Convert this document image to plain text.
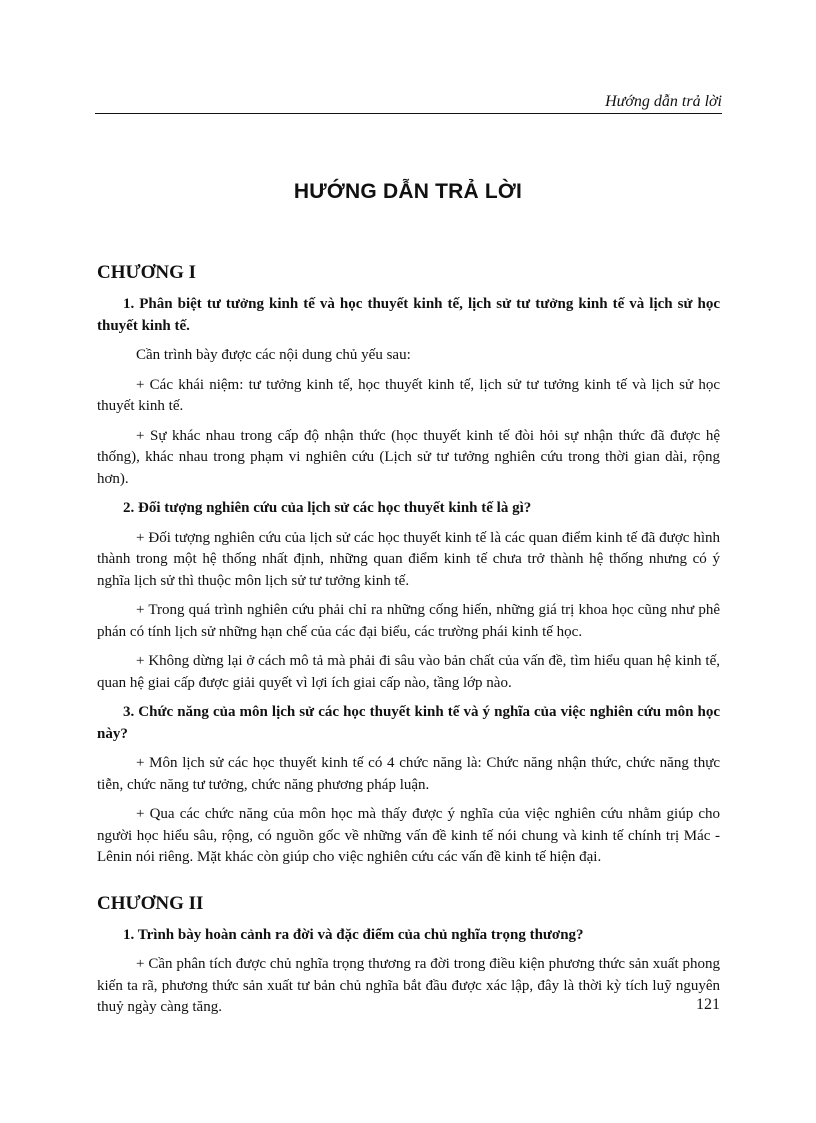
Hướng dẫn trả lời
HƯỚNG DẪN TRẢ LỜI
CHƯƠNG I

1. Phân biệt tư tưởng kinh tế và học thuyết kinh tế, lịch sử tư tưởng kinh tế và lịch sử học thuyết kinh tế.

Cần trình bày được các nội dung chủ yếu sau:

+ Các khái niệm: tư tưởng kinh tế, học thuyết kinh tế, lịch sử tư tưởng kinh tế và lịch sử học thuyết kinh tế.

+ Sự khác nhau trong cấp độ nhận thức (học thuyết kinh tế đòi hỏi sự nhận thức đã được hệ thống), khác nhau trong phạm vi nghiên cứu (Lịch sử tư tưởng nghiên cứu trong thời gian dài, rộng hơn).

2. Đối tượng nghiên cứu của lịch sử các học thuyết kinh tế là gì?

+ Đối tượng nghiên cứu của lịch sử các học thuyết kinh tế là các quan điểm kinh tế đã được hình thành trong một hệ thống nhất định, những quan điểm kinh tế chưa trở thành hệ thống nhưng có ý nghĩa lịch sử thì thuộc môn lịch sử tư tưởng kinh tế.

+ Trong quá trình nghiên cứu phải chỉ ra những cống hiến, những giá trị khoa học cũng như phê phán có tính lịch sử những hạn chế của các đại biểu, các trường phái kinh tế học.

+ Không dừng lại ở cách mô tả mà phải đi sâu vào bản chất của vấn đề, tìm hiểu quan hệ kinh tế, quan hệ giai cấp được giải quyết vì lợi ích giai cấp nào, tầng lớp nào.

3. Chức năng của môn lịch sử các học thuyết kinh tế và ý nghĩa của việc nghiên cứu môn học này?

+ Môn lịch sử các học thuyết kinh tế có 4 chức năng là: Chức năng nhận thức, chức năng thực tiễn, chức năng tư tưởng, chức năng phương pháp luận.

+ Qua các chức năng của môn học mà thấy được ý nghĩa của việc nghiên cứu nhằm giúp cho người học hiểu sâu, rộng, có nguồn gốc về những vấn đề kinh tế nói chung và kinh tế chính trị Mác - Lênin nói riêng. Mặt khác còn giúp cho việc nghiên cứu các vấn đề kinh tế hiện đại.

CHƯƠNG II

1. Trình bày hoàn cảnh ra đời và đặc điểm của chủ nghĩa trọng thương?

+ Cần phân tích được chủ nghĩa trọng thương ra đời trong điều kiện phương thức sản xuất phong kiến ta rã, phương thức sản xuất tư bản chủ nghĩa bắt đầu được xác lập, đây là thời kỳ tích luỹ nguyên thuỷ ngày càng tăng.	121
